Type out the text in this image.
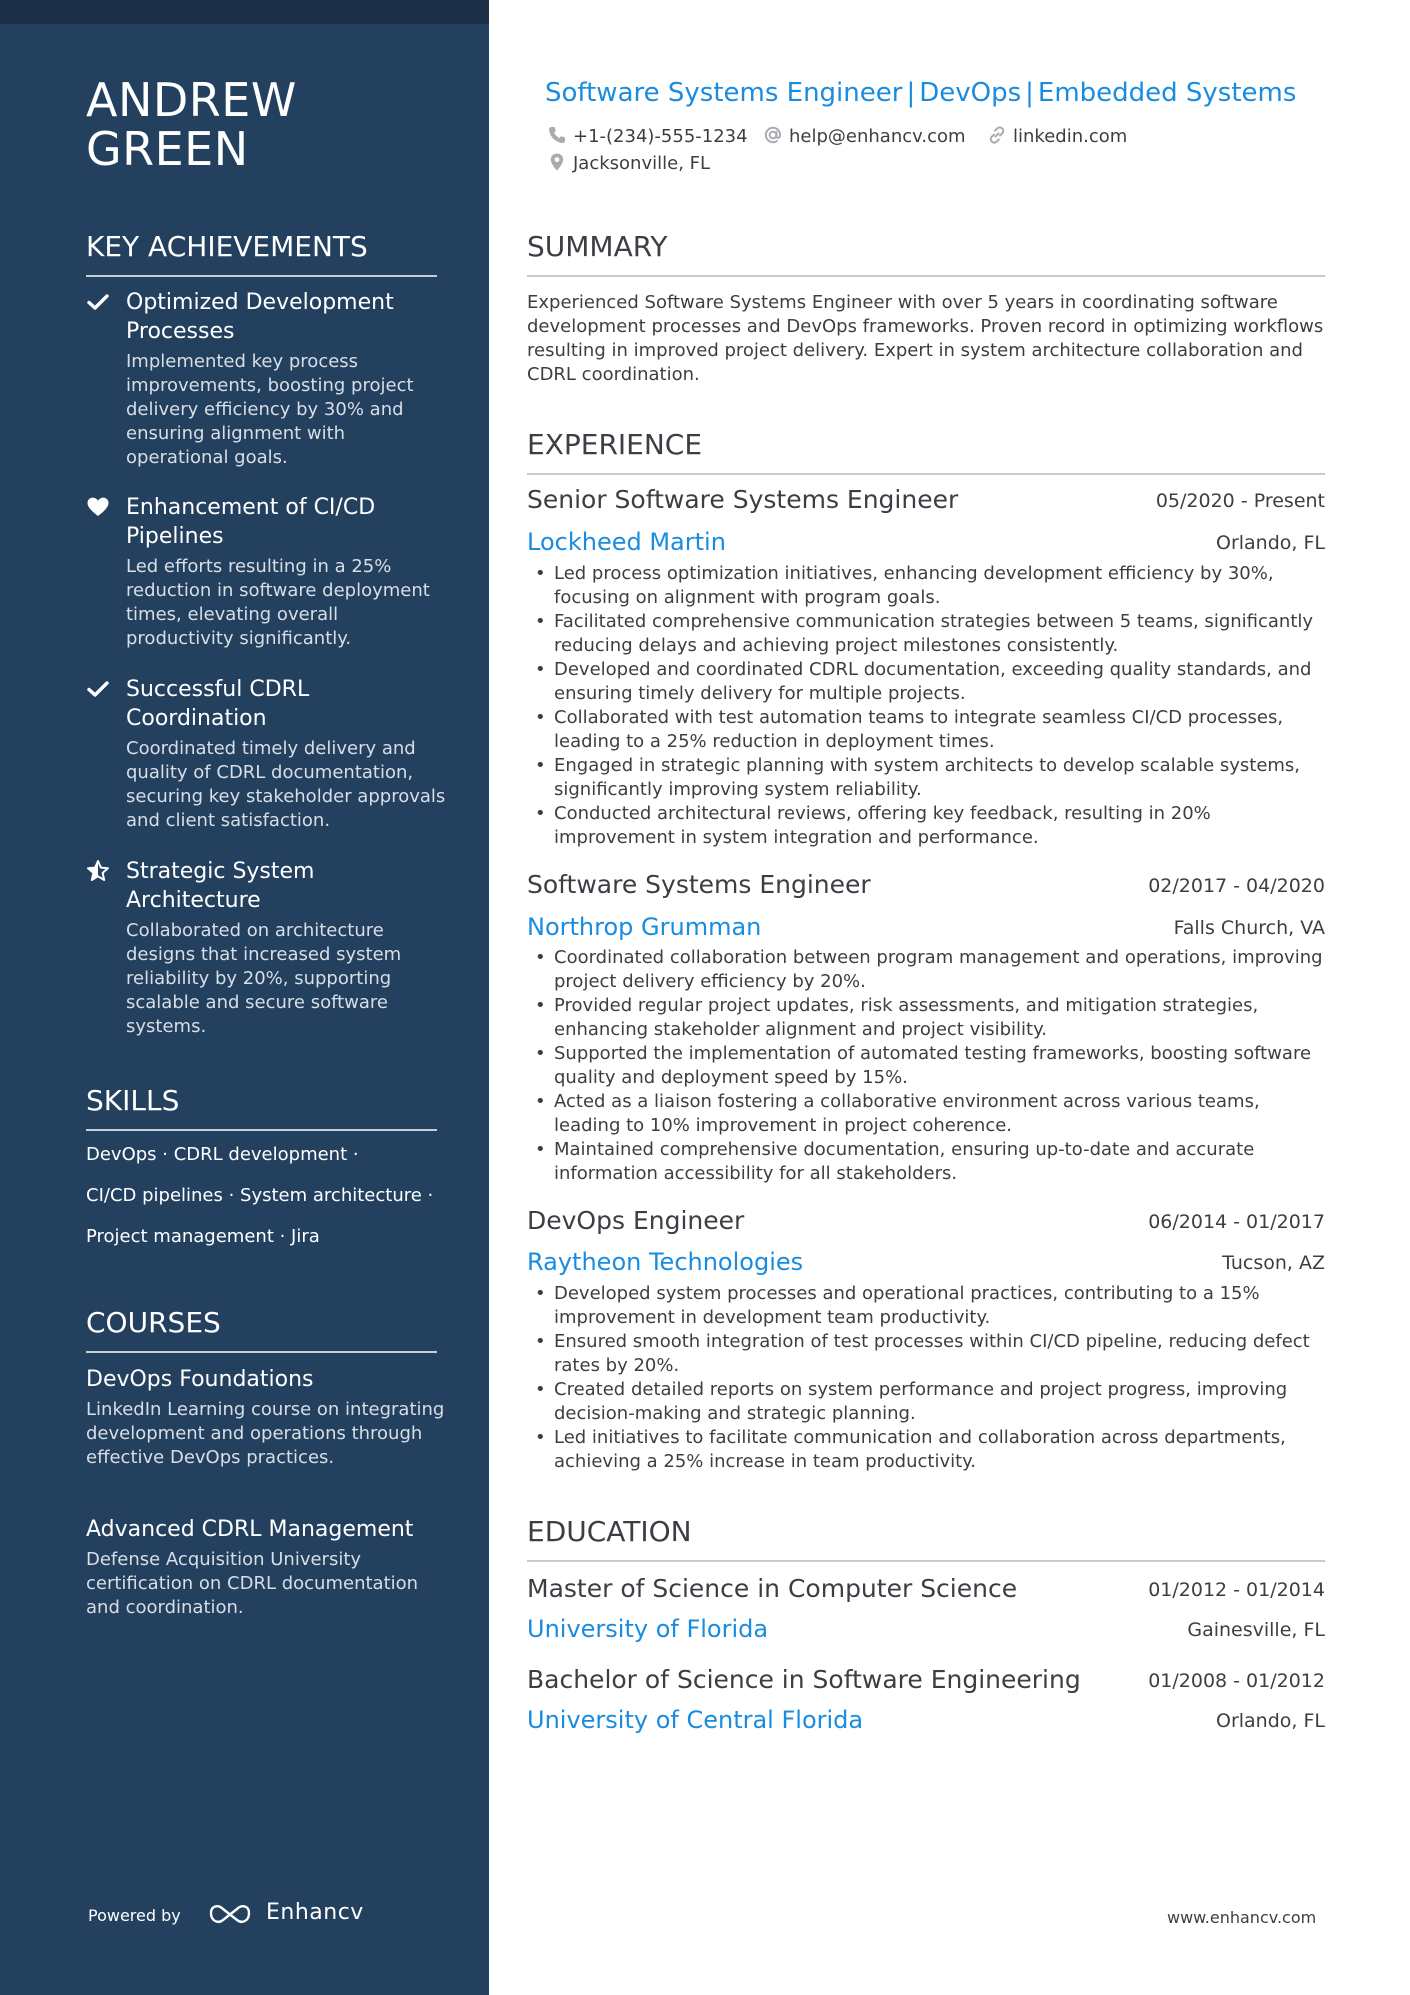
ANDREW GREEN
KEY ACHIEVEMENTS
Optimized Development Processes
Implemented key process improvements, boosting project delivery efficiency by 30% and ensuring alignment with operational goals.
Enhancement of CI/CD Pipelines
Led efforts resulting in a 25% reduction in software deployment times, elevating overall productivity significantly.
Successful CDRL Coordination
Coordinated timely delivery and quality of CDRL documentation, securing key stakeholder approvals and client satisfaction.
Strategic System Architecture
Collaborated on architecture designs that increased system reliability by 20%, supporting scalable and secure software systems.
SKILLS
DevOps · CDRL development ·
CI/CD pipelines · System architecture ·
Project management · Jira
COURSES
DevOps Foundations
LinkedIn Learning course on integrating development and operations through effective DevOps practices.
Advanced CDRL Management
Defense Acquisition University certification on CDRL documentation and coordination.
Powered by	Enhancv
Software Systems Engineer | DevOps | Embedded Systems
+1-(234)-555-1234	help@enhancv.com	linkedin.com
Jacksonville, FL
SUMMARY

Experienced Software Systems Engineer with over 5 years in coordinating software development processes and DevOps frameworks. Proven record in optimizing workflows resulting in improved project delivery. Expert in system architecture collaboration and CDRL coordination.

EXPERIENCE
Senior Software Systems Engineer	05/2020 - Present
Lockheed Martin	Orlando, FL
• Led process optimization initiatives, enhancing development efficiency by 30%, focusing on alignment with program goals.
• Facilitated comprehensive communication strategies between 5 teams, significantly reducing delays and achieving project milestones consistently.
• Developed and coordinated CDRL documentation, exceeding quality standards, and ensuring timely delivery for multiple projects.
• Collaborated with test automation teams to integrate seamless CI/CD processes, leading to a 25% reduction in deployment times.
• Engaged in strategic planning with system architects to develop scalable systems, significantly improving system reliability.
• Conducted architectural reviews, offering key feedback, resulting in 20% improvement in system integration and performance.
Software Systems Engineer	02/2017 - 04/2020
Northrop Grumman	Falls Church, VA
• Coordinated collaboration between program management and operations, improving project delivery efficiency by 20%.
• Provided regular project updates, risk assessments, and mitigation strategies, enhancing stakeholder alignment and project visibility.
• Supported the implementation of automated testing frameworks, boosting software quality and deployment speed by 15%.
• Acted as a liaison fostering a collaborative environment across various teams, leading to 10% improvement in project coherence.
• Maintained comprehensive documentation, ensuring up-to-date and accurate information accessibility for all stakeholders.
DevOps Engineer	06/2014 - 01/2017
Raytheon Technologies	Tucson, AZ
• Developed system processes and operational practices, contributing to a 15% improvement in development team productivity.
• Ensured smooth integration of test processes within CI/CD pipeline, reducing defect rates by 20%.
• Created detailed reports on system performance and project progress, improving decision-making and strategic planning.
• Led initiatives to facilitate communication and collaboration across departments, achieving a 25% increase in team productivity.
EDUCATION
Master of Science in Computer Science	01/2012 - 01/2014
University of Florida	Gainesville, FL
Bachelor of Science in Software Engineering	01/2008 - 01/2012
University of Central Florida	Orlando, FL
www.enhancv.com
